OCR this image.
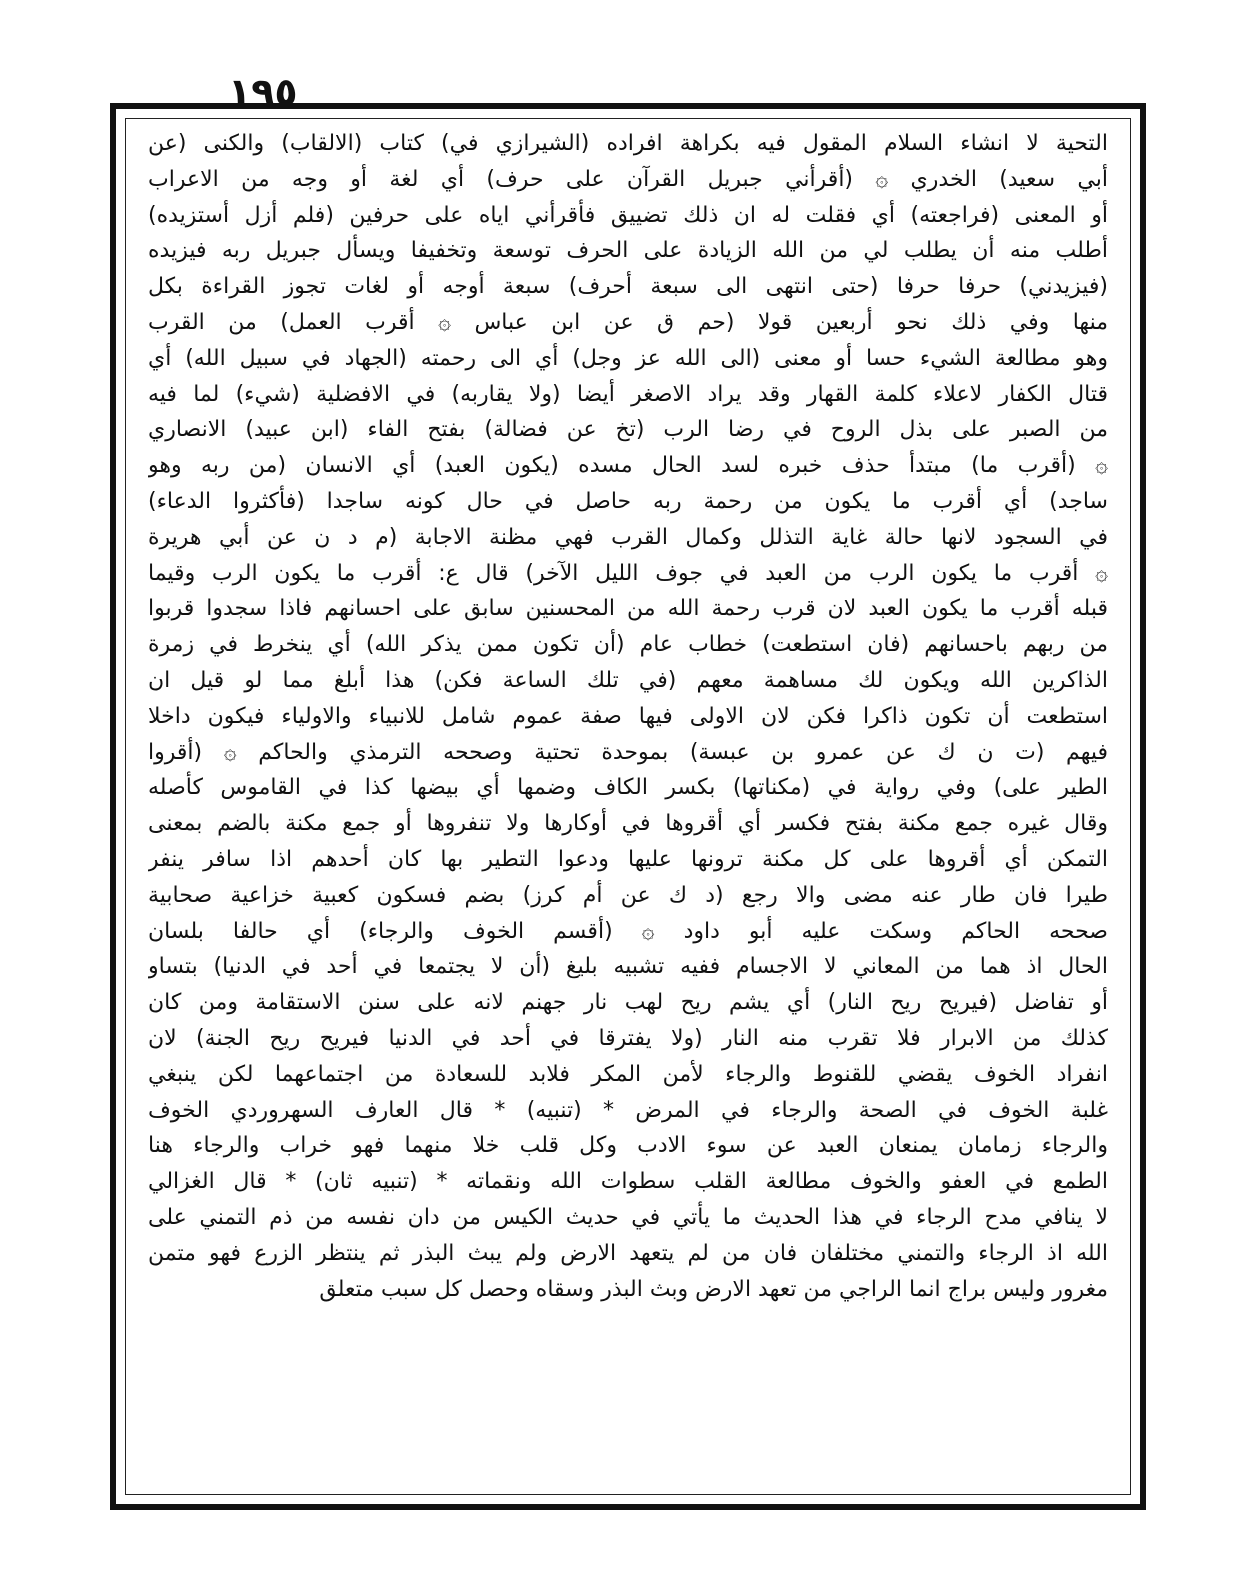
١٩٥
التحية لا انشاء السلام المقول فيه بكراهة افراده (الشيرازي في) كتاب (الالقاب) والكنى (عن
أبي سعيد) الخدري ۞ (أقرأني جبريل القرآن على حرف) أي لغة أو وجه من الاعراب
أو المعنى (فراجعته) أي فقلت له ان ذلك تضييق فأقرأني اياه على حرفين (فلم أزل أستزيده)
أطلب منه أن يطلب لي من الله الزيادة على الحرف توسعة وتخفيفا ويسأل جبريل ربه فيزيده
(فيزيدني) حرفا حرفا (حتى انتهى الى سبعة أحرف) سبعة أوجه أو لغات تجوز القراءة بكل
منها وفي ذلك نحو أربعين قولا (حم ق عن ابن عباس ۞ أقرب العمل) من القرب
وهو مطالعة الشيء حسا أو معنى (الى الله عز وجل) أي الى رحمته (الجهاد في سبيل الله) أي
قتال الكفار لاعلاء كلمة القهار وقد يراد الاصغر أيضا (ولا يقاربه) في الافضلية (شيء) لما فيه
من الصبر على بذل الروح في رضا الرب (تخ عن فضالة) بفتح الفاء (ابن عبيد) الانصاري
۞ (أقرب ما) مبتدأ حذف خبره لسد الحال مسده (يكون العبد) أي الانسان (من ربه وهو
ساجد) أي أقرب ما يكون من رحمة ربه حاصل في حال كونه ساجدا (فأكثروا الدعاء)
في السجود لانها حالة غاية التذلل وكمال القرب فهي مظنة الاجابة (م د ن عن أبي هريرة
۞ أقرب ما يكون الرب من العبد في جوف الليل الآخر) قال ع: أقرب ما يكون الرب وقيما
قبله أقرب ما يكون العبد لان قرب رحمة الله من المحسنين سابق على احسانهم فاذا سجدوا قربوا
من ربهم باحسانهم (فان استطعت) خطاب عام (أن تكون ممن يذكر الله) أي ينخرط في زمرة
الذاكرين الله ويكون لك مساهمة معهم (في تلك الساعة فكن) هذا أبلغ مما لو قيل ان
استطعت أن تكون ذاكرا فكن لان الاولى فيها صفة عموم شامل للانبياء والاولياء فيكون داخلا
فيهم (ت ن ك عن عمرو بن عبسة) بموحدة تحتية وصححه الترمذي والحاكم ۞ (أقروا
الطير على) وفي رواية في (مكناتها) بكسر الكاف وضمها أي بيضها كذا في القاموس كأصله
وقال غيره جمع مكنة بفتح فكسر أي أقروها في أوكارها ولا تنفروها أو جمع مكنة بالضم بمعنى
التمكن أي أقروها على كل مكنة ترونها عليها ودعوا التطير بها كان أحدهم اذا سافر ينفر
طيرا فان طار عنه مضى والا رجع (د ك عن أم كرز) بضم فسكون كعبية خزاعية صحابية
صححه الحاكم وسكت عليه أبو داود ۞ (أقسم الخوف والرجاء) أي حالفا بلسان
الحال اذ هما من المعاني لا الاجسام ففيه تشبيه بليغ (أن لا يجتمعا في أحد في الدنيا) بتساو
أو تفاضل (فيريح ريح النار) أي يشم ريح لهب نار جهنم لانه على سنن الاستقامة ومن كان
كذلك من الابرار فلا تقرب منه النار (ولا يفترقا في أحد في الدنيا فيريح ريح الجنة) لان
انفراد الخوف يقضي للقنوط والرجاء لأمن المكر فلابد للسعادة من اجتماعهما لكن ينبغي
غلبة الخوف في الصحة والرجاء في المرض * (تنبيه) * قال العارف السهروردي الخوف
والرجاء زمامان يمنعان العبد عن سوء الادب وكل قلب خلا منهما فهو خراب والرجاء هنا
الطمع في العفو والخوف مطالعة القلب سطوات الله ونقماته * (تنبيه ثان) * قال الغزالي
لا ينافي مدح الرجاء في هذا الحديث ما يأتي في حديث الكيس من دان نفسه من ذم التمني على
الله اذ الرجاء والتمني مختلفان فان من لم يتعهد الارض ولم يبث البذر ثم ينتظر الزرع فهو متمن
مغرور وليس براج انما الراجي من تعهد الارض وبث البذر وسقاه وحصل كل سبب متعلق
